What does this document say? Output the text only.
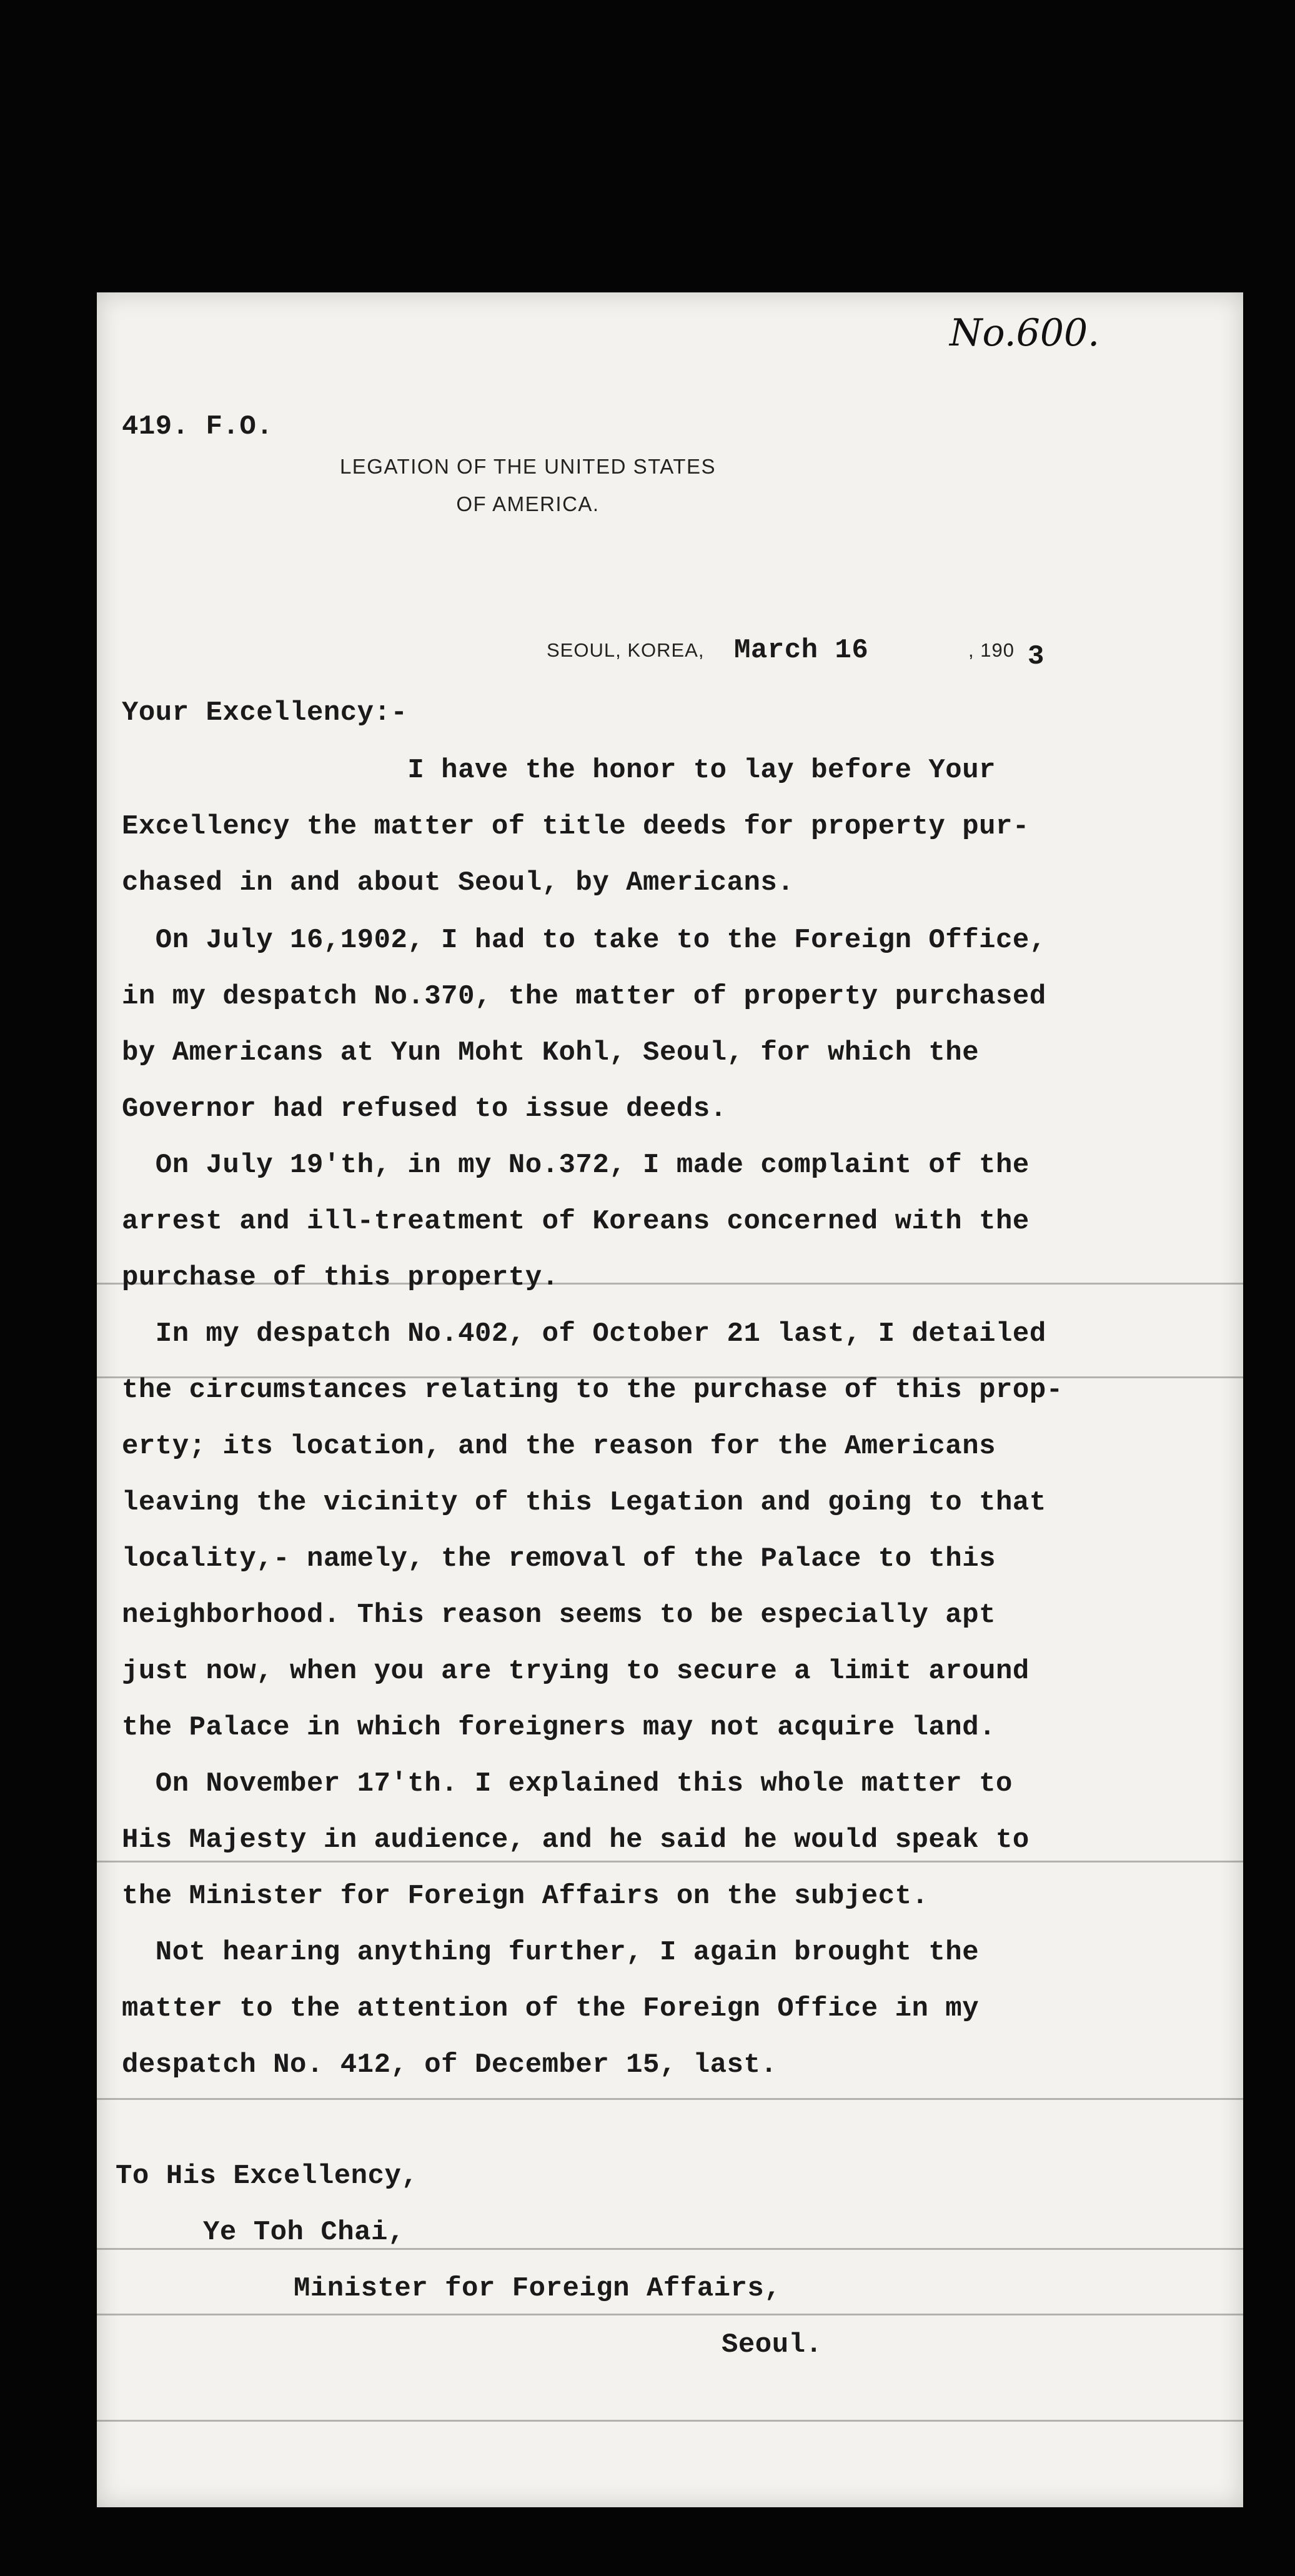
No.600.
419. F.O.
LEGATION OF THE UNITED STATES
OF AMERICA.
SEOUL, KOREA, March 16	, 190 3
Your Excellency:-
I have the honor to lay before Your
Excellency the matter of title deeds for property pur-
chased in and about Seoul, by Americans.
On July 16,1902, I had to take to the Foreign Office,
in my despatch No.370, the matter of property purchased
by Americans at Yun Moht Kohl, Seoul, for which the
Governor had refused to issue deeds.
On July 19'th, in my No.372, I made complaint of the
arrest and ill-treatment of Koreans concerned with the
purchase of this property.
In my despatch No.402, of October 21 last, I detailed
the circumstances relating to the purchase of this prop-
erty; its location, and the reason for the Americans
leaving the vicinity of this Legation and going to that
locality,- namely, the removal of the Palace to this
neighborhood. This reason seems to be especially apt
just now, when you are trying to secure a limit around
the Palace in which foreigners may not acquire land.
On November 17'th. I explained this whole matter to
His Majesty in audience, and he said he would speak to
the Minister for Foreign Affairs on the subject.
Not hearing anything further, I again brought the
matter to the attention of the Foreign Office in my
despatch No. 412, of December 15, last.
To His Excellency,
Ye Toh Chai,
Minister for Foreign Affairs,
Seoul.
